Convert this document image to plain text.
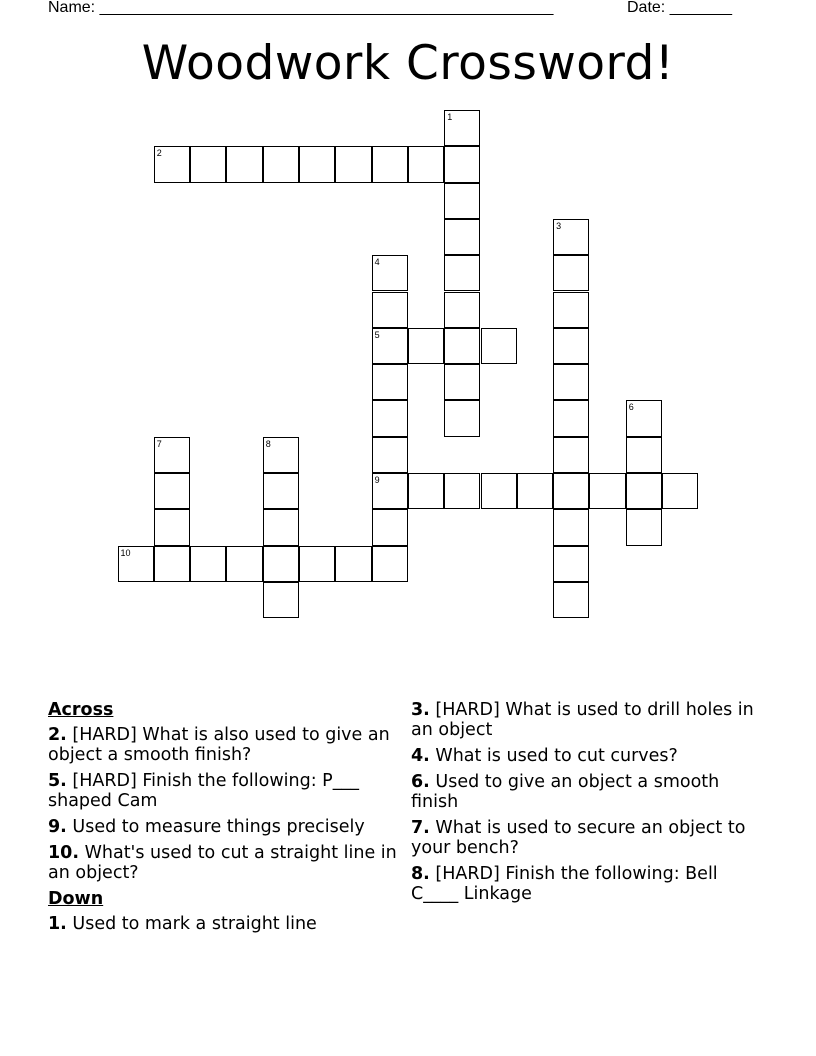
Name: ___________________________________________________	Date: _______
Woodwork Crossword!
1
2
3
4
5
9
6
7	8
10
Across
2. [HARD] What is also used to give an object a smooth finish?
5. [HARD] Finish the following: P___ shaped Cam
9. Used to measure things precisely
10. What's used to cut a straight line in an object?
Down
1. Used to mark a straight line
3. [HARD] What is used to drill holes in an object
4. What is used to cut curves?
6. Used to give an object a smooth finish
7. What is used to secure an object to your bench?
8. [HARD] Finish the following: Bell C____ Linkage
